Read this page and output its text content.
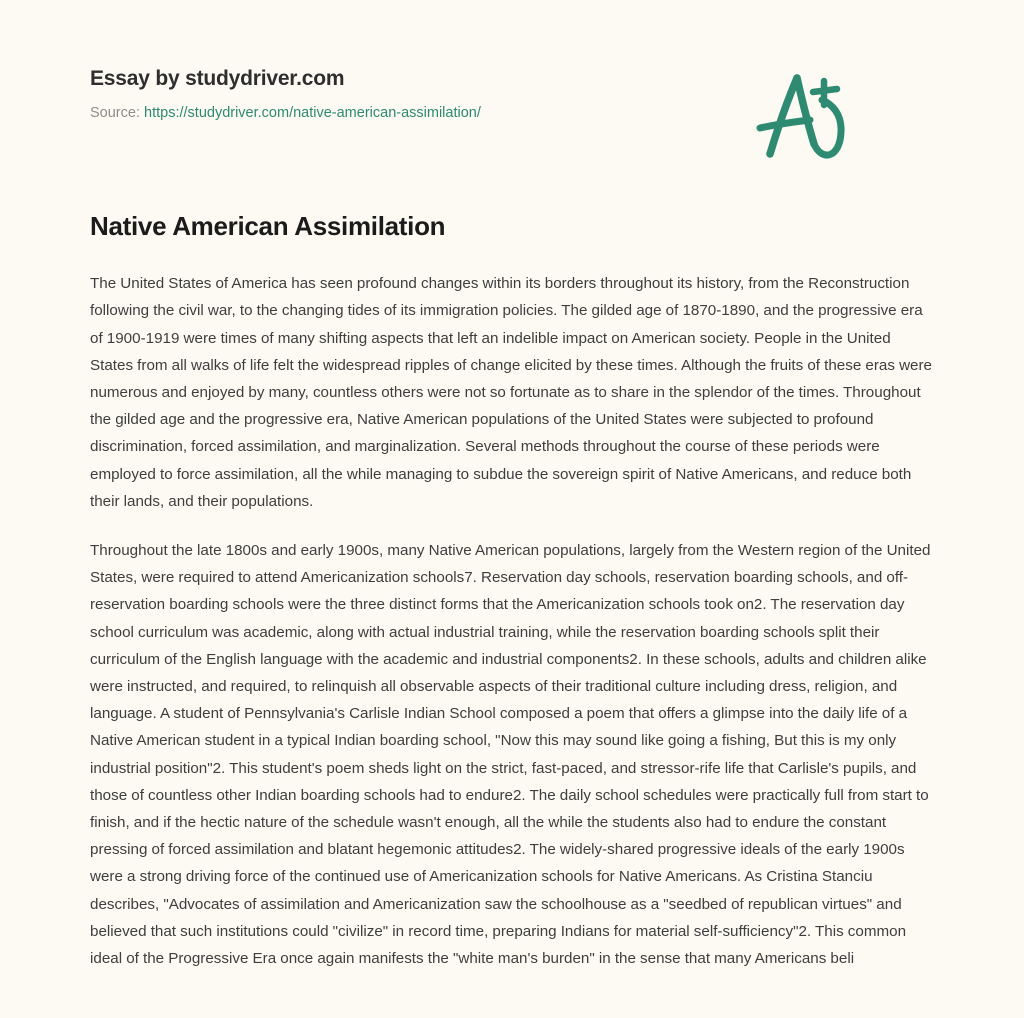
Essay by studydriver.com
Source: https://studydriver.com/native-american-assimilation/
Native American Assimilation

The United States of America has seen profound changes within its borders throughout its history, from the Reconstruction following the civil war, to the changing tides of its immigration policies. The gilded age of 1870-1890, and the progressive era of 1900-1919 were times of many shifting aspects that left an indelible impact on American society. People in the United States from all walks of life felt the widespread ripples of change elicited by these times. Although the fruits of these eras were numerous and enjoyed by many, countless others were not so fortunate as to share in the splendor of the times. Throughout the gilded age and the progressive era, Native American populations of the United States were subjected to profound discrimination, forced assimilation, and marginalization. Several methods throughout the course of these periods were employed to force assimilation, all the while managing to subdue the sovereign spirit of Native Americans, and reduce both their lands, and their populations.

Throughout the late 1800s and early 1900s, many Native American populations, largely from the Western region of the United States, were required to attend Americanization schools7. Reservation day schools, reservation boarding schools, and off-reservation boarding schools were the three distinct forms that the Americanization schools took on2. The reservation day school curriculum was academic, along with actual industrial training, while the reservation boarding schools split their curriculum of the English language with the academic and industrial components2. In these schools, adults and children alike were instructed, and required, to relinquish all observable aspects of their traditional culture including dress, religion, and language. A student of Pennsylvania's Carlisle Indian School composed a poem that offers a glimpse into the daily life of a Native American student in a typical Indian boarding school, "Now this may sound like going a fishing, But this is my only industrial position"2. This student's poem sheds light on the strict, fast-paced, and stressor-rife life that Carlisle's pupils, and those of countless other Indian boarding schools had to endure2. The daily school schedules were practically full from start to finish, and if the hectic nature of the schedule wasn't enough, all the while the students also had to endure the constant pressing of forced assimilation and blatant hegemonic attitudes2. The widely-shared progressive ideals of the early 1900s were a strong driving force of the continued use of Americanization schools for Native Americans. As Cristina Stanciu describes, "Advocates of assimilation and Americanization saw the schoolhouse as a "seedbed of republican virtues" and believed that such institutions could "civilize" in record time, preparing Indians for material self-sufficiency"2. This common ideal of the Progressive Era once again manifests the "white man's burden" in the sense that many Americans beli
